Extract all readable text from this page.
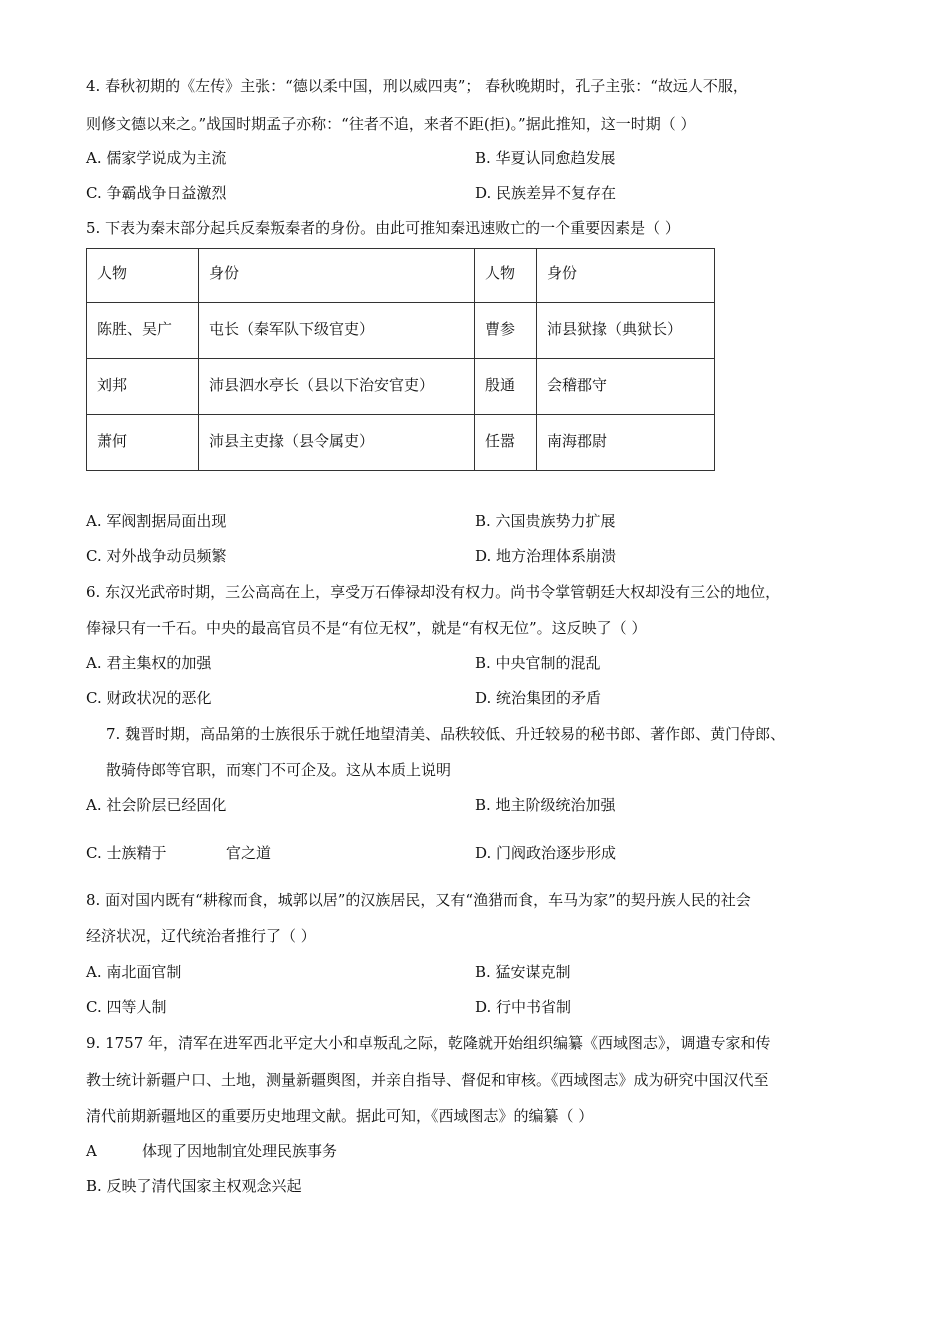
4. 春秋初期的《左传》主张：“德以柔中国，刑以威四夷”； 春秋晚期时，孔子主张：“故远人不服，
则修文德以来之。”战国时期孟子亦称：“往者不追，来者不距(拒)。”据此推知，这一时期（ ）
A. 儒家学说成为主流	B. 华夏认同愈趋发展
C. 争霸战争日益激烈	D. 民族差异不复存在
5. 下表为秦末部分起兵反秦叛秦者的身份。由此可推知秦迅速败亡的一个重要因素是（ ）
人物	身份	人物	身份
陈胜、吴广	屯长（秦军队下级官吏）	曹参	沛县狱掾（典狱长）
刘邦	沛县泗水亭长（县以下治安官吏）	殷通	会稽郡守
萧何	沛县主吏掾（县令属吏）	任嚣	南海郡尉
A. 军阀割据局面出现	B. 六国贵族势力扩展
C. 对外战争动员频繁	D. 地方治理体系崩溃
6. 东汉光武帝时期，三公高高在上，享受万石俸禄却没有权力。尚书令掌管朝廷大权却没有三公的地位，
俸禄只有一千石。中央的最高官员不是“有位无权”，就是“有权无位”。这反映了（ ）
A. 君主集权的加强	B. 中央官制的混乱
C. 财政状况的恶化	D. 统治集团的矛盾
7. 魏晋时期，高品第的士族很乐于就任地望清美、品秩较低、升迁较易的秘书郎、著作郎、黄门侍郎、
散骑侍郎等官职，而寒门不可企及。这从本质上说明
A. 社会阶层已经固化	B. 地主阶级统治加强
C. 士族精于	官之道	D. 门阀政治逐步形成
8. 面对国内既有“耕稼而食，城郭以居”的汉族居民，又有“渔猎而食，车马为家”的契丹族人民的社会
经济状况，辽代统治者推行了（ ）
A. 南北面官制	B. 猛安谋克制
C. 四等人制	D. 行中书省制
9. 1757 年，清军在进军西北平定大小和卓叛乱之际，乾隆就开始组织编纂《西域图志》，调遣专家和传
教士统计新疆户口、土地，测量新疆舆图，并亲自指导、督促和审核。《西域图志》成为研究中国汉代至
清代前期新疆地区的重要历史地理文献。据此可知，《西域图志》的编纂（ ）
A	体现了因地制宜处理民族事务
B. 反映了清代国家主权观念兴起
